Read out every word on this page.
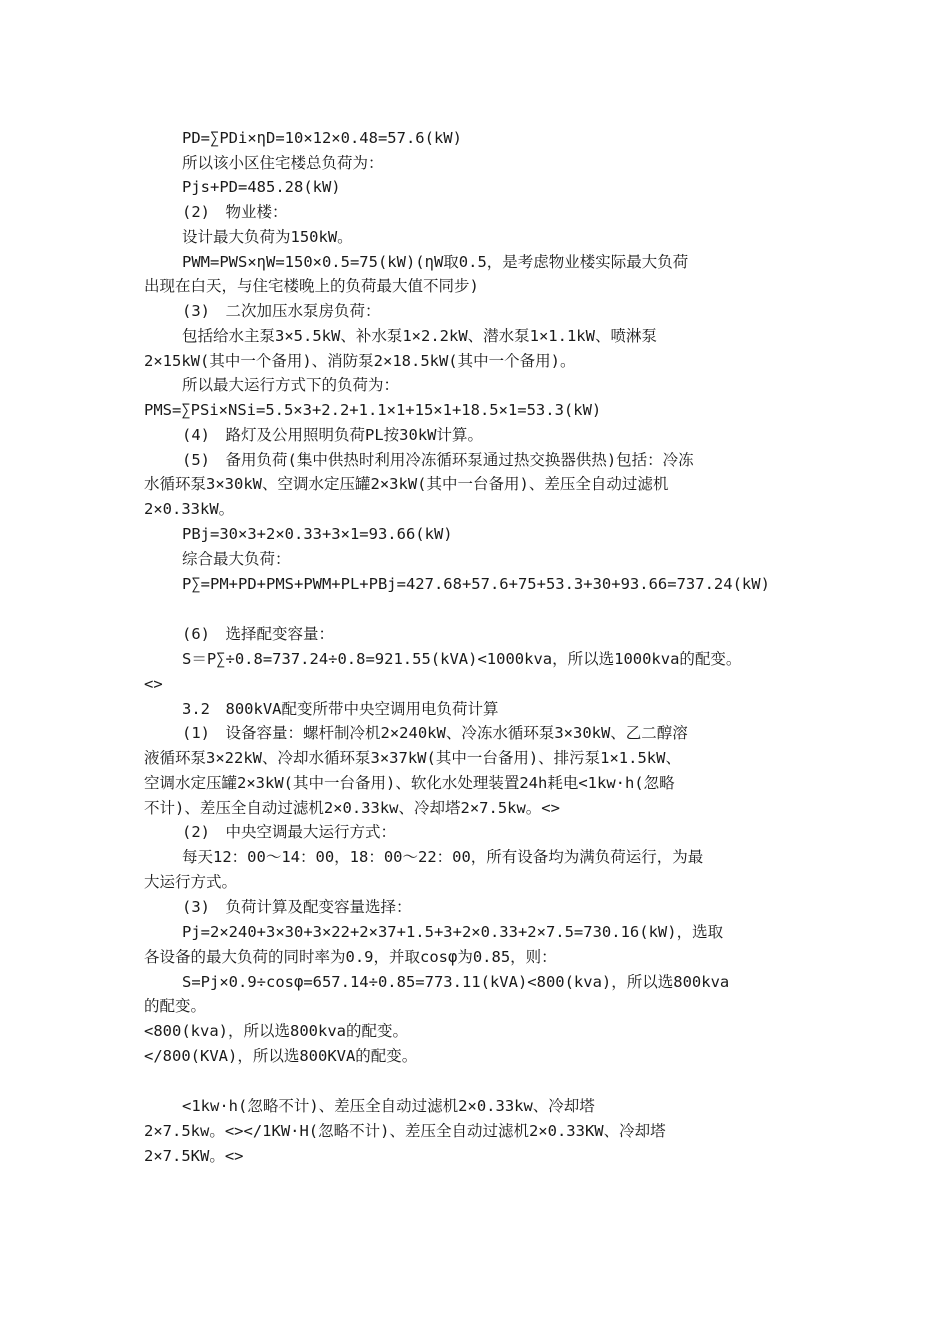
PD=∑PDi×ηD=10×12×0.48=57.6(kW)
所以该小区住宅楼总负荷为：
Pjs+PD=485.28(kW)
(2)　物业楼：
设计最大负荷为150kW。
PWM=PWS×ηW=150×0.5=75(kW)(ηW取0.5，是考虑物业楼实际最大负荷
出现在白天，与住宅楼晚上的负荷最大值不同步)
(3)　二次加压水泵房负荷：
包括给水主泵3×5.5kW、补水泵1×2.2kW、潜水泵1×1.1kW、喷淋泵
2×15kW(其中一个备用)、消防泵2×18.5kW(其中一个备用)。
所以最大运行方式下的负荷为：
PMS=∑PSi×NSi=5.5×3+2.2+1.1×1+15×1+18.5×1=53.3(kW)
(4)　路灯及公用照明负荷PL按30kW计算。
(5)　备用负荷(集中供热时利用冷冻循环泵通过热交换器供热)包括：冷冻
水循环泵3×30kW、空调水定压罐2×3kW(其中一台备用)、差压全自动过滤机
2×0.33kW。
PBj=30×3+2×0.33+3×1=93.66(kW)
综合最大负荷：
P∑=PM+PD+PMS+PWM+PL+PBj=427.68+57.6+75+53.3+30+93.66=737.24(kW)
(6)　选择配变容量：
S＝P∑÷0.8=737.24÷0.8=921.55(kVA)<1000kva，所以选1000kva的配变。
<>
3.2　800kVA配变所带中央空调用电负荷计算
(1)　设备容量：螺杆制冷机2×240kW、冷冻水循环泵3×30kW、乙二醇溶
液循环泵3×22kW、冷却水循环泵3×37kW(其中一台备用)、排污泵1×1.5kW、
空调水定压罐2×3kW(其中一台备用)、软化水处理装置24h耗电<1kw·h(忽略
不计)、差压全自动过滤机2×0.33kw、冷却塔2×7.5kw。<>
(2)　中央空调最大运行方式：
每天12：00～14：00，18：00～22：00，所有设备均为满负荷运行，为最
大运行方式。
(3)　负荷计算及配变容量选择：
Pj=2×240+3×30+3×22+2×37+1.5+3+2×0.33+2×7.5=730.16(kW)，选取
各设备的最大负荷的同时率为0.9，并取cosφ为0.85，则：
S=Pj×0.9÷cosφ=657.14÷0.85=773.11(kVA)<800(kva)，所以选800kva
的配变。
<800(kva)，所以选800kva的配变。
</800(KVA)，所以选800KVA的配变。
<1kw·h(忽略不计)、差压全自动过滤机2×0.33kw、冷却塔
2×7.5kw。<></1KW·H(忽略不计)、差压全自动过滤机2×0.33KW、冷却塔
2×7.5KW。<>
